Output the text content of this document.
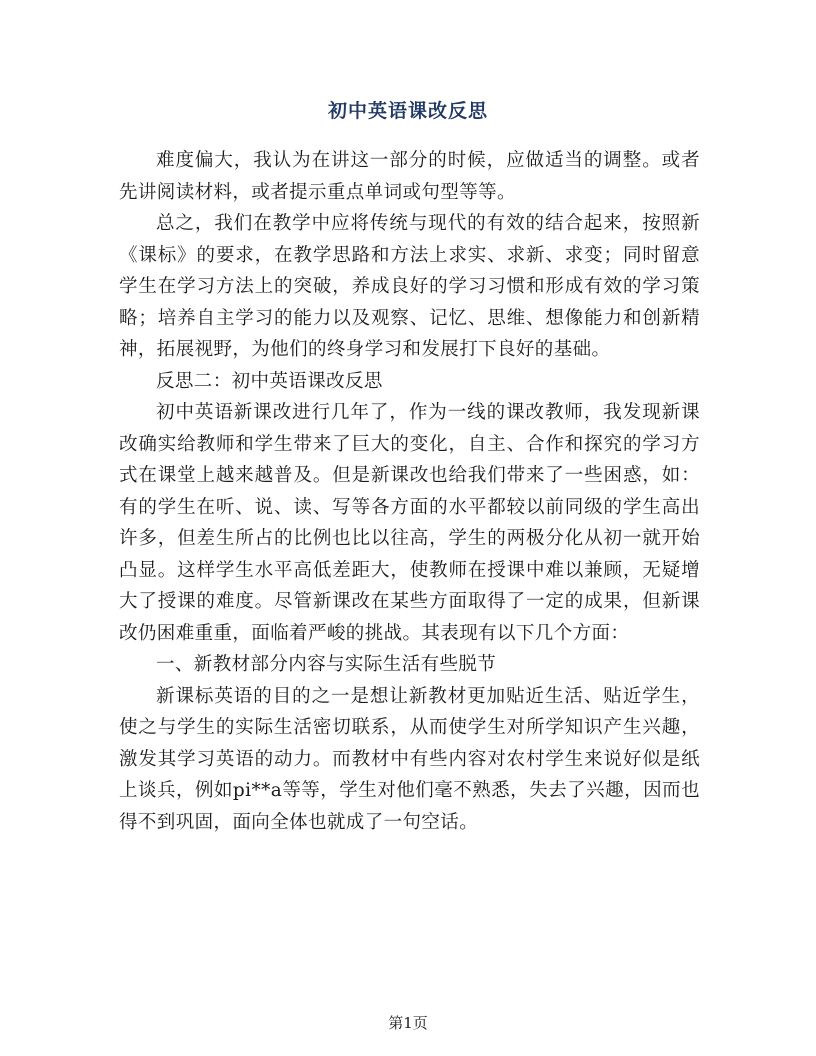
初中英语课改反思

难度偏大，我认为在讲这一部分的时候，应做适当的调整。或者先讲阅读材料，或者提示重点单词或句型等等。

总之，我们在教学中应将传统与现代的有效的结合起来，按照新《课标》的要求，在教学思路和方法上求实、求新、求变；同时留意学生在学习方法上的突破，养成良好的学习习惯和形成有效的学习策略；培养自主学习的能力以及观察、记忆、思维、想像能力和创新精神，拓展视野，为他们的终身学习和发展打下良好的基础。

反思二：初中英语课改反思

初中英语新课改进行几年了，作为一线的课改教师，我发现新课改确实给教师和学生带来了巨大的变化，自主、合作和探究的学习方式在课堂上越来越普及。但是新课改也给我们带来了一些困惑，如：有的学生在听、说、读、写等各方面的水平都较以前同级的学生高出许多，但差生所占的比例也比以往高，学生的两极分化从初一就开始凸显。这样学生水平高低差距大，使教师在授课中难以兼顾，无疑增大了授课的难度。尽管新课改在某些方面取得了一定的成果，但新课改仍困难重重，面临着严峻的挑战。其表现有以下几个方面：

一、新教材部分内容与实际生活有些脱节

新课标英语的目的之一是想让新教材更加贴近生活、贴近学生，使之与学生的实际生活密切联系，从而使学生对所学知识产生兴趣，激发其学习英语的动力。而教材中有些内容对农村学生来说好似是纸上谈兵，例如pi**a等等，学生对他们毫不熟悉，失去了兴趣，因而也得不到巩固，面向全体也就成了一句空话。

第1页
